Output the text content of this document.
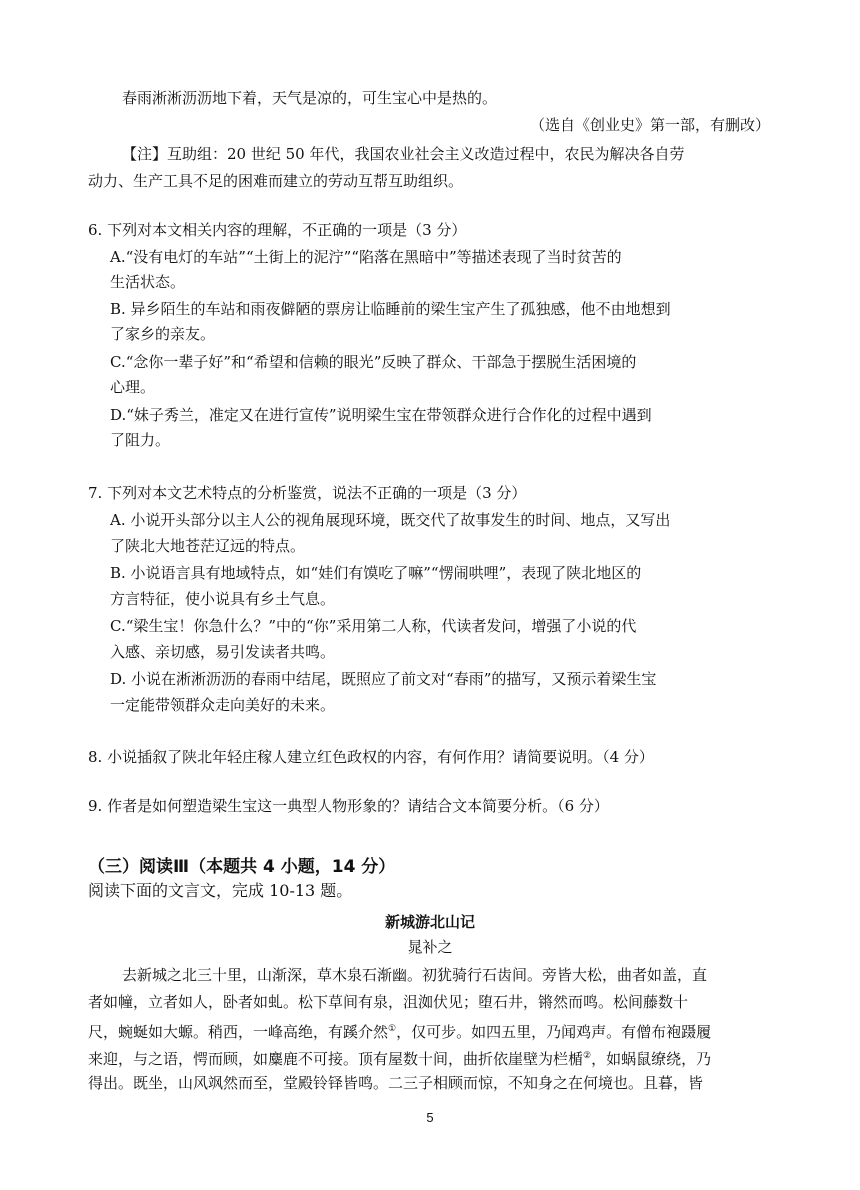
春雨淅淅沥沥地下着，天气是凉的，可生宝心中是热的。
（选自《创业史》第一部，有删改）
【注】互助组：20 世纪 50 年代，我国农业社会主义改造过程中，农民为解决各自劳
动力、生产工具不足的困难而建立的劳动互帮互助组织。
6. 下列对本文相关内容的理解，不正确的一项是（3 分）
A.“没有电灯的车站”“土街上的泥泞”“陷落在黑暗中”等描述表现了当时贫苦的
生活状态。
B. 异乡陌生的车站和雨夜僻陋的票房让临睡前的梁生宝产生了孤独感，他不由地想到
了家乡的亲友。
C.“念你一辈子好”和“希望和信赖的眼光”反映了群众、干部急于摆脱生活困境的
心理。
D.“妹子秀兰，准定又在进行宣传”说明梁生宝在带领群众进行合作化的过程中遇到
了阻力。
7. 下列对本文艺术特点的分析鉴赏，说法不正确的一项是（3 分）
A. 小说开头部分以主人公的视角展现环境，既交代了故事发生的时间、地点，又写出
了陕北大地苍茫辽远的特点。
B. 小说语言具有地域特点，如“娃们有馍吃了嘛”“愣闹哄哩”，表现了陕北地区的
方言特征，使小说具有乡土气息。
C.“梁生宝！你急什么？”中的“你”采用第二人称，代读者发问，增强了小说的代
入感、亲切感，易引发读者共鸣。
D. 小说在淅淅沥沥的春雨中结尾，既照应了前文对“春雨”的描写，又预示着梁生宝
一定能带领群众走向美好的未来。
8. 小说插叙了陕北年轻庄稼人建立红色政权的内容，有何作用？请简要说明。（4 分）
9. 作者是如何塑造梁生宝这一典型人物形象的？请结合文本简要分析。（6 分）
（三）阅读Ⅲ（本题共 4 小题，14 分）
阅读下面的文言文，完成 10-13 题。
新城游北山记
晁补之
去新城之北三十里，山渐深，草木泉石渐幽。初犹骑行石齿间。旁皆大松，曲者如盖，直
者如幢，立者如人，卧者如虬。松下草间有泉，沮洳伏见；堕石井，锵然而鸣。松间藤数十
尺，蜿蜒如大螈。稍西，一峰高绝，有蹊介然①，仅可步。如四五里，乃闻鸡声。有僧布袍蹑履
来迎，与之语，愕而顾，如麋鹿不可接。顶有屋数十间，曲折依崖壁为栏楯②，如蜗鼠缭绕，乃
得出。既坐，山风飒然而至，堂殿铃铎皆鸣。二三子相顾而惊，不知身之在何境也。且暮，皆
5
